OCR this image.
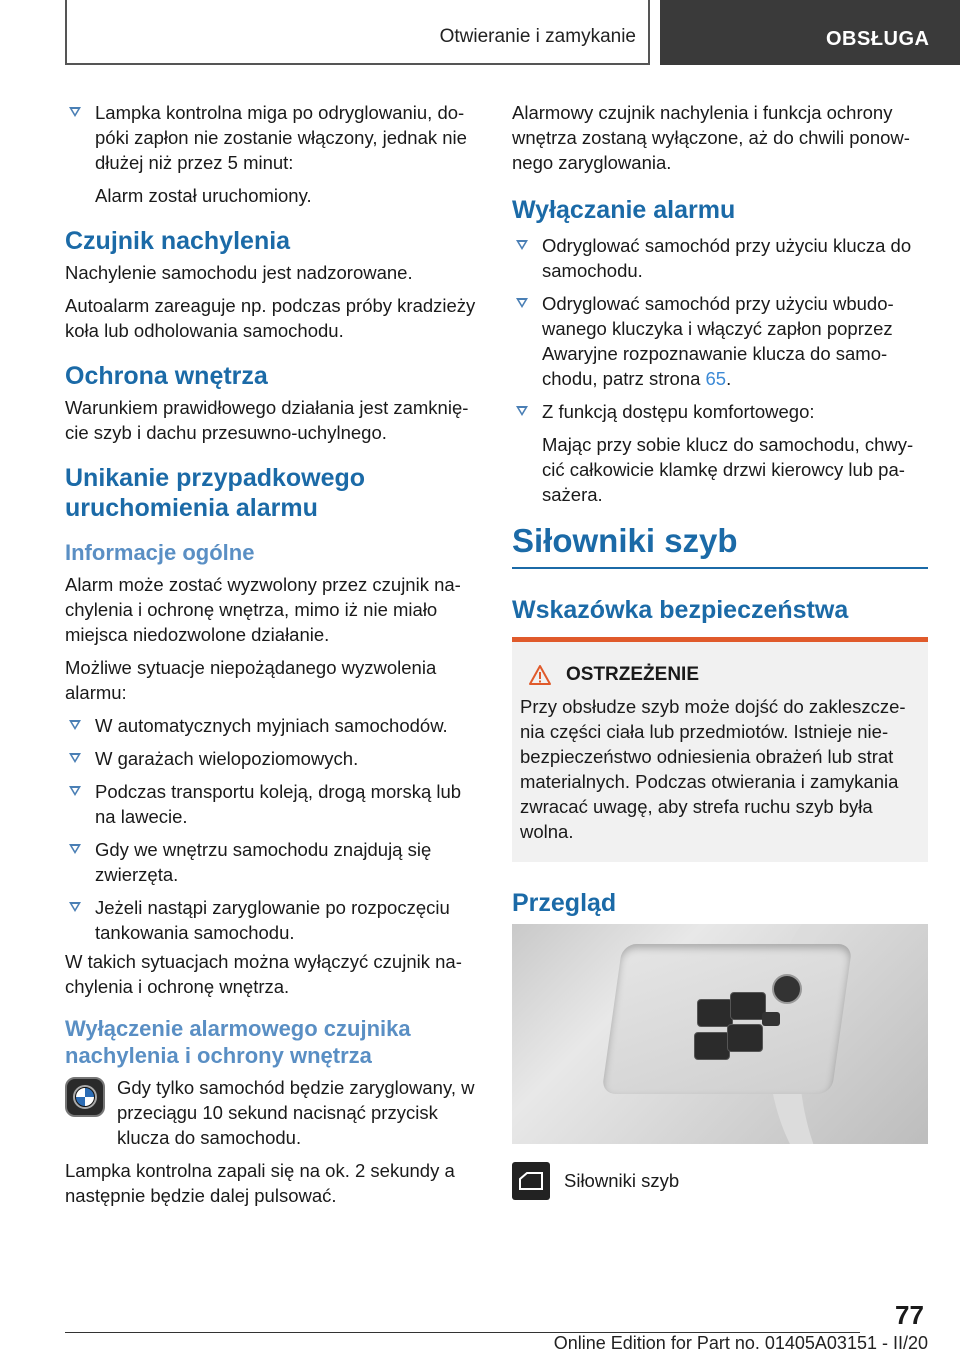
Otwieranie i zamykanie	OBSŁUGA
Lampka kontrolna miga po odryglowaniu, dopóki zapłon nie zostanie włączony, jednak nie dłużej niż przez 5 minut:

Alarm został uruchomiony.

Czujnik nachylenia

Nachylenie samochodu jest nadzorowane.

Autoalarm zareaguje np. podczas próby kradzieży koła lub odholowania samochodu.

Ochrona wnętrza

Warunkiem prawidłowego działania jest zamknięcie szyb i dachu przesuwno-uchylnego.

Unikanie przypadkowego uruchomienia alarmu
Informacje ogólne

Alarm może zostać wyzwolony przez czujnik nachylenia i ochronę wnętrza, mimo iż nie miało miejsca niedozwolone działanie.

Możliwe sytuacje niepożądanego wyzwolenia alarmu:

W automatycznych myjniach samochodów.
W garażach wielopoziomowych.
Podczas transportu koleją, drogą morską lub na lawecie.
Gdy we wnętrzu samochodu znajdują się zwierzęta.
Jeżeli nastąpi zaryglowanie po rozpoczęciu tankowania samochodu.

W takich sytuacjach można wyłączyć czujnik nachylenia i ochronę wnętrza.

Wyłączenie alarmowego czujnika nachylenia i ochrony wnętrza

Gdy tylko samochód będzie zaryglowany, w przeciągu 10 sekund nacisnąć przycisk klucza do samochodu.

Lampka kontrolna zapali się na ok. 2 sekundy a następnie będzie dalej pulsować.

Alarmowy czujnik nachylenia i funkcja ochrony wnętrza zostaną wyłączone, aż do chwili ponownego zaryglowania.

Wyłączanie alarmu
Odryglować samochód przy użyciu klucza do samochodu.
Odryglować samochód przy użyciu wbudowanego kluczyka i włączyć zapłon poprzez Awaryjne rozpoznawanie klucza do samochodu, patrz strona 65.
Z funkcją dostępu komfortowego:

Mając przy sobie klucz do samochodu, chwycić całkowicie klamkę drzwi kierowcy lub pasażera.

Siłowniki szyb
Wskazówka bezpieczeństwa
OSTRZEŻENIE

Przy obsłudze szyb może dojść do zakleszczenia części ciała lub przedmiotów. Istnieje niebezpieczeństwo odniesienia obrażeń lub strat materialnych. Podczas otwierania i zamykania zwracać uwagę, aby strefa ruchu szyb była wolna.

Przegląd
Siłowniki szyb
77
Online Edition for Part no. 01405A03151 - II/20
